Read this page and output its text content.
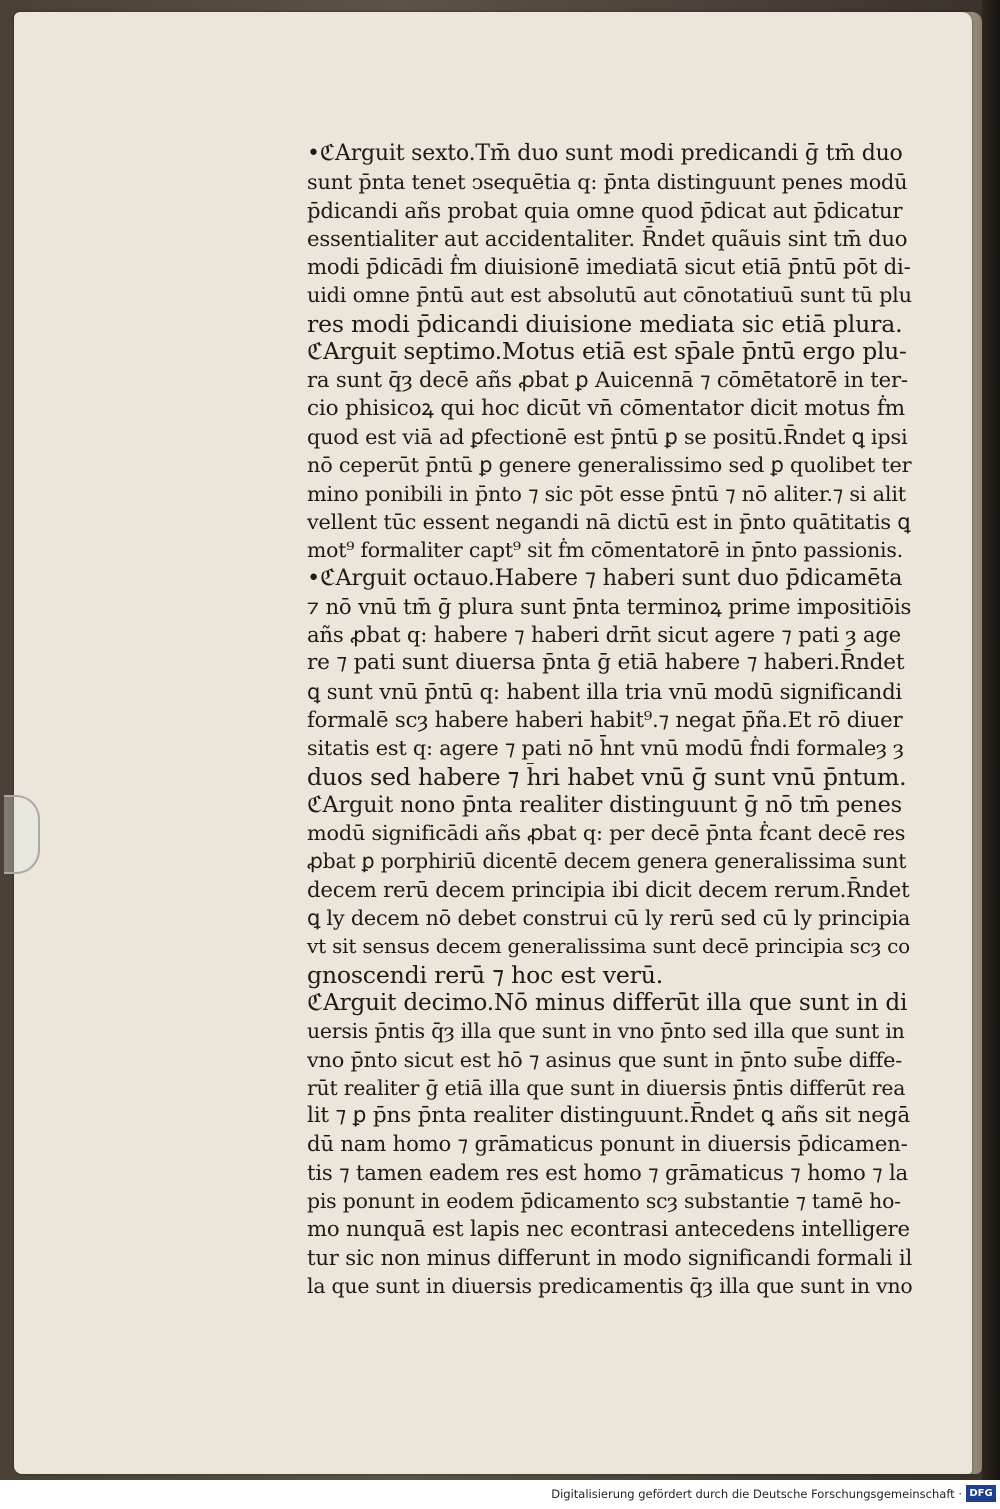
•ℭArguit sexto.Tm̄ duo sunt modi predicandi ḡ tm̄ duo
sunt p̄nta tenet ↄsequētia q: p̄nta distinguunt penes modū
p̄dicandi añs probat quia omne quod p̄dicat aut p̄dicatur
essentialiter aut accidentaliter. R̄ndet quãuis sint tm̄ duo
modi p̄dicādi ḟm diuisionē imediatā sicut etiā p̄ntū pōt di-
uidi omne p̄ntū aut est absolutū aut cōnotatiuū sunt tū plu
res modi p̄dicandi diuisione mediata sic etiā plura.
ℭArguit septimo.Motus etiā est sp̄ale p̄ntū ergo plu-
ra sunt q̄ȝ decē añs ꝓbat ꝑ Auicennā ⁊ cōmētatorē in ter-
cio phisicoꝝ qui hoc dicūt vn̄ cōmentator dicit motus ḟm
quod est viā ad ꝑfectionē est p̄ntū ꝑ se positū.R̄ndet ꝗ ipsi
nō ceperūt p̄ntū ꝑ genere generalissimo sed ꝑ quolibet ter
mino ponibili in p̄nto ⁊ sic pōt esse p̄ntū ⁊ nō aliter.⁊ si alit
vellent tūc essent negandi nā dictū est in p̄nto quātitatis ꝗ
mot⁹ formaliter capt⁹ sit ḟm cōmentatorē in p̄nto passionis.
•ℭArguit octauo.Habere ⁊ haberi sunt duo p̄dicamēta
⁊ nō vnū tm̄ ḡ plura sunt p̄nta terminoꝝ prime impositiōis
añs ꝓbat q: habere ⁊ haberi drn̄t sicut agere ⁊ pati ȝ age
re ⁊ pati sunt diuersa p̄nta ḡ etiā habere ⁊ haberi.R̄ndet
ꝗ sunt vnū p̄ntū q: habent illa tria vnū modū significandi
formalē scȝ habere haberi habit⁹.⁊ negat p̄ña.Et rō diuer
sitatis est q: agere ⁊ pati nō h̄nt vnū modū ḟndi formaleȝ ȝ
duos sed habere ⁊ h̄ri habet vnū ḡ sunt vnū p̄ntum.
ℭArguit nono p̄nta realiter distinguunt ḡ nō tm̄ penes
modū significādi añs ꝓbat q: per decē p̄nta ḟcant decē res
ꝓbat ꝑ porphiriū dicentē decem genera generalissima sunt
decem rerū decem principia ibi dicit decem rerum.R̄ndet
ꝗ ly decem nō debet construi cū ly rerū sed cū ly principia
vt sit sensus decem generalissima sunt decē principia scȝ co
gnoscendi rerū ⁊ hoc est verū.
ℭArguit decimo.Nō minus differūt illa que sunt in di
uersis p̄ntis q̄ȝ illa que sunt in vno p̄nto sed illa que sunt in
vno p̄nto sicut est hō ⁊ asinus que sunt in p̄nto sub̄e diffe-
rūt realiter ḡ etiā illa que sunt in diuersis p̄ntis differūt rea
lit ⁊ ꝑ p̄ns p̄nta realiter distinguunt.R̄ndet ꝗ añs sit negā
dū nam homo ⁊ grāmaticus ponunt in diuersis p̄dicamen-
tis ⁊ tamen eadem res est homo ⁊ grāmaticus ⁊ homo ⁊ la
pis ponunt in eodem p̄dicamento scȝ substantie ⁊ tamē ho-
mo nunquā est lapis nec econtrasi antecedens intelligere
tur sic non minus differunt in modo significandi formali il
la que sunt in diuersis predicamentis q̄ȝ illa que sunt in vno
Digitalisierung gefördert durch die Deutsche Forschungsgemeinschaft · DFG
